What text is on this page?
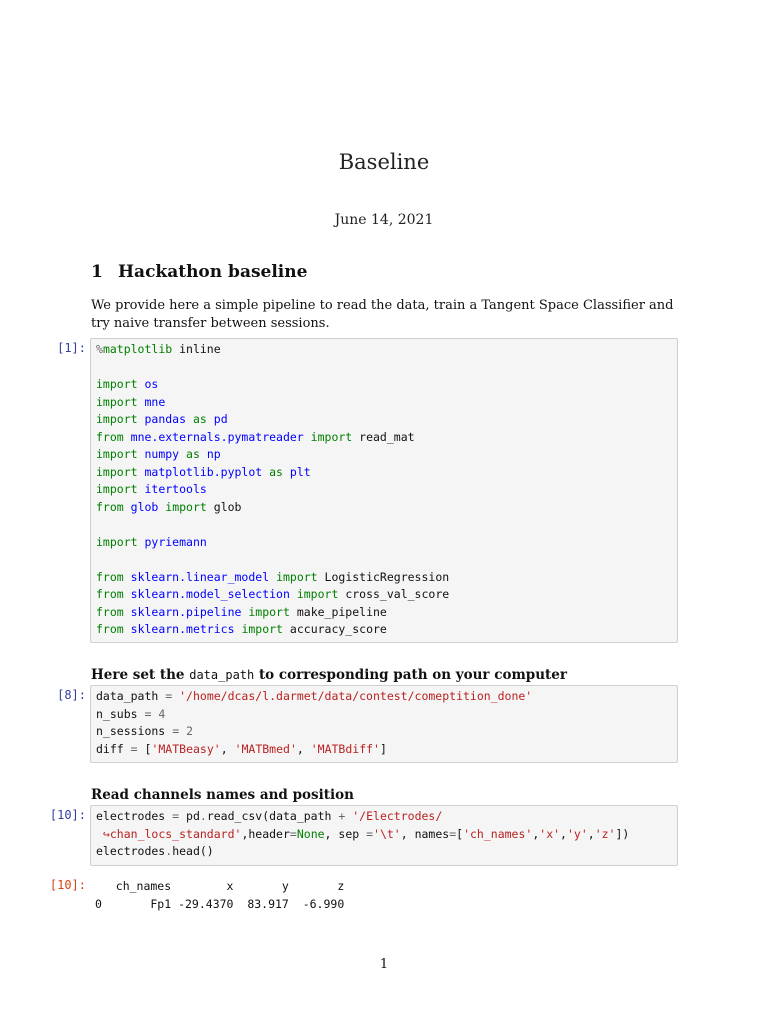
Baseline
June 14, 2021
1 Hackathon baseline
We provide here a simple pipeline to read the data, train a Tangent Space Classifier and try naive transfer between sessions.
[1]: %matplotlib inline

import os
import mne
import pandas as pd
from mne.externals.pymatreader import read_mat
import numpy as np
import matplotlib.pyplot as plt
import itertools
from glob import glob

import pyriemann

from sklearn.linear_model import LogisticRegression
from sklearn.model_selection import cross_val_score
from sklearn.pipeline import make_pipeline
from sklearn.metrics import accuracy_score
Here set the data_path to corresponding path on your computer
[8]: data_path = '/home/dcas/l.darmet/data/contest/comeptition_done'
n_subs = 4
n_sessions = 2
diff = ['MATBeasy', 'MATBmed', 'MATBdiff']
Read channels names and position
[10]: electrodes = pd.read_csv(data_path + '/Electrodes/
↪chan_locs_standard',header=None, sep ='\t', names=['ch_names','x','y','z'])
electrodes.head()
[10]: ch_names        x       y       z
0       Fp1 -29.4370  83.917  -6.990
1
